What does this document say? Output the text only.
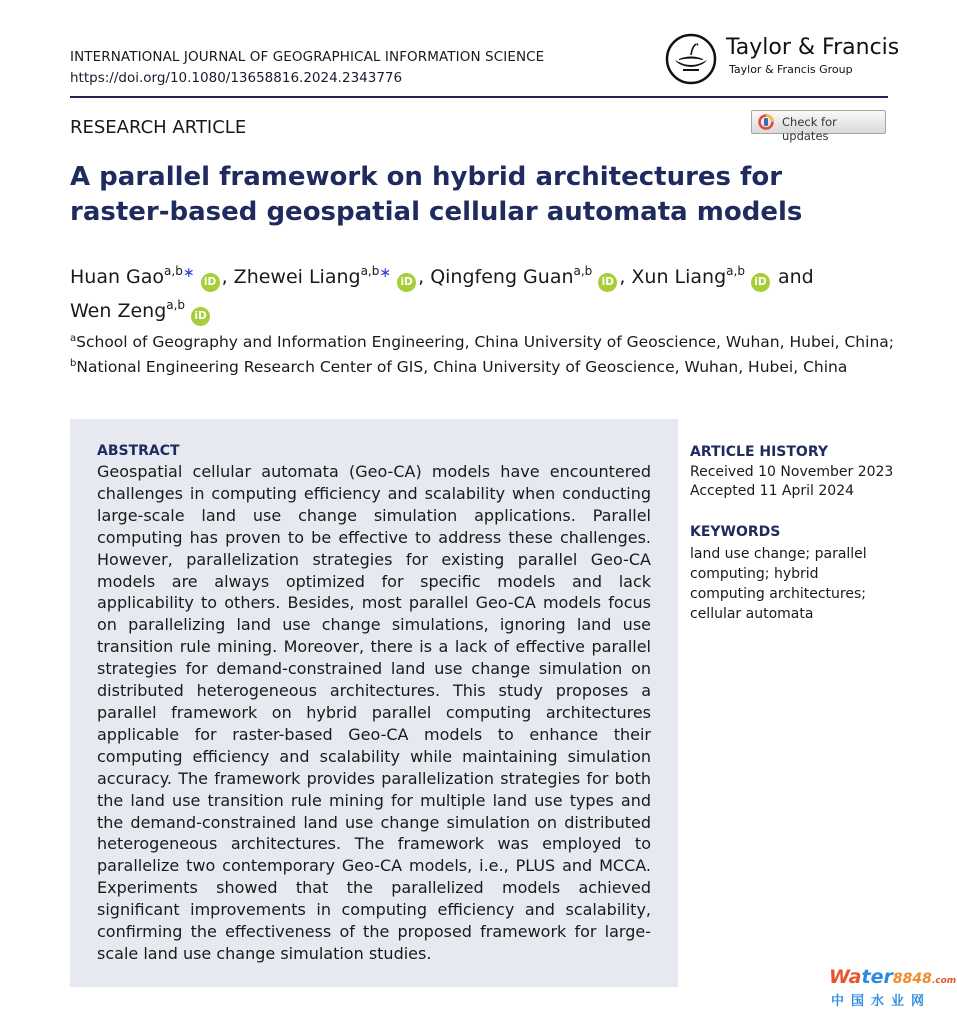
INTERNATIONAL JOURNAL OF GEOGRAPHICAL INFORMATION SCIENCE
https://doi.org/10.1080/13658816.2024.2343776
Taylor & Francis
Taylor & Francis Group
RESEARCH ARTICLE	Check for updates
A parallel framework on hybrid architectures for raster-based geospatial cellular automata models
Huan Gao$^{a,b∗}$iD , Zhewei Liang$^{a,b∗}$iD , Qingfeng Guan$^{a,b}$iD , Xun Liang$^{a,b}$iD and
Wen Zeng$^{a,b}$iD
$^a$School of Geography and Information Engineering, China University of Geoscience, Wuhan, Hubei, China; $^b$National Engineering Research Center of GIS, China University of Geoscience, Wuhan, Hubei, China
ABSTRACT

Geospatial cellular automata (Geo-CA) models have encountered challenges in computing efficiency and scalability when conducting large-scale land use change simulation applications. Parallel computing has proven to be effective to address these challenges. However, parallelization strategies for existing parallel Geo-CA models are always optimized for specific models and lack applicability to others. Besides, most parallel Geo-CA models focus on parallelizing land use change simulations, ignoring land use transition rule mining. Moreover, there is a lack of effective parallel strategies for demand-constrained land use change simulation on distributed heterogeneous architectures. This study proposes a parallel framework on hybrid parallel computing architectures applicable for raster-based Geo-CA models to enhance their computing efficiency and scalability while maintaining simulation accuracy. The framework provides parallelization strategies for both the land use transition rule mining for multiple land use types and the demand-constrained land use change simulation on distributed heterogeneous architectures. The framework was employed to parallelize two contemporary Geo-CA models, i.e., PLUS and MCCA. Experiments showed that the parallelized models achieved significant improvements in computing efficiency and scalability, confirming the effectiveness of the proposed framework for large-scale land use change simulation studies.

ARTICLE HISTORY
Received 10 November 2023
Accepted 11 April 2024
KEYWORDS
land use change; parallel computing; hybrid computing architectures; cellular automata
Water8848.com
中国水业网
